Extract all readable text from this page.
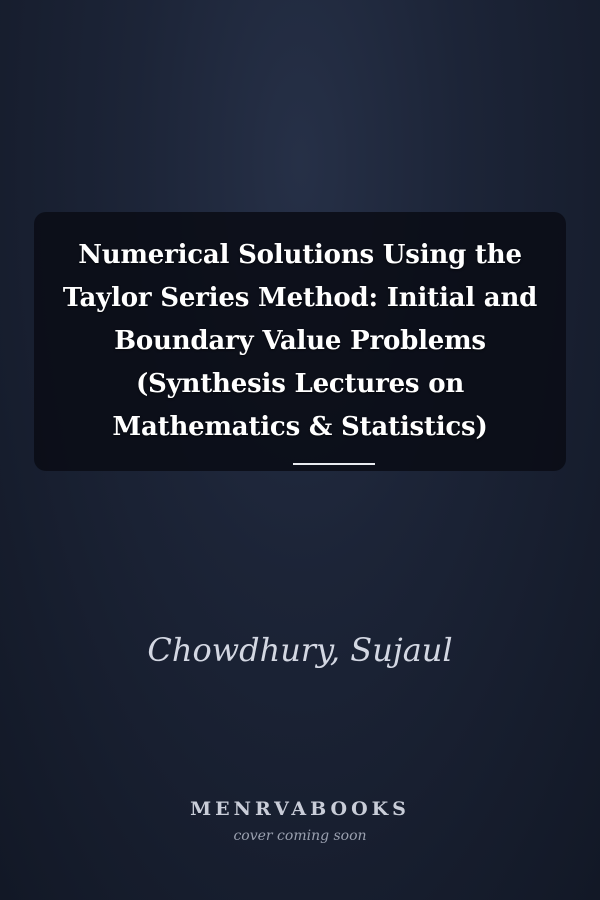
Numerical Solutions Using the Taylor Series Method: Initial and Boundary Value Problems (Synthesis Lectures on Mathematics & Statistics)
Chowdhury, Sujaul
MENRVABOOKS
cover coming soon
